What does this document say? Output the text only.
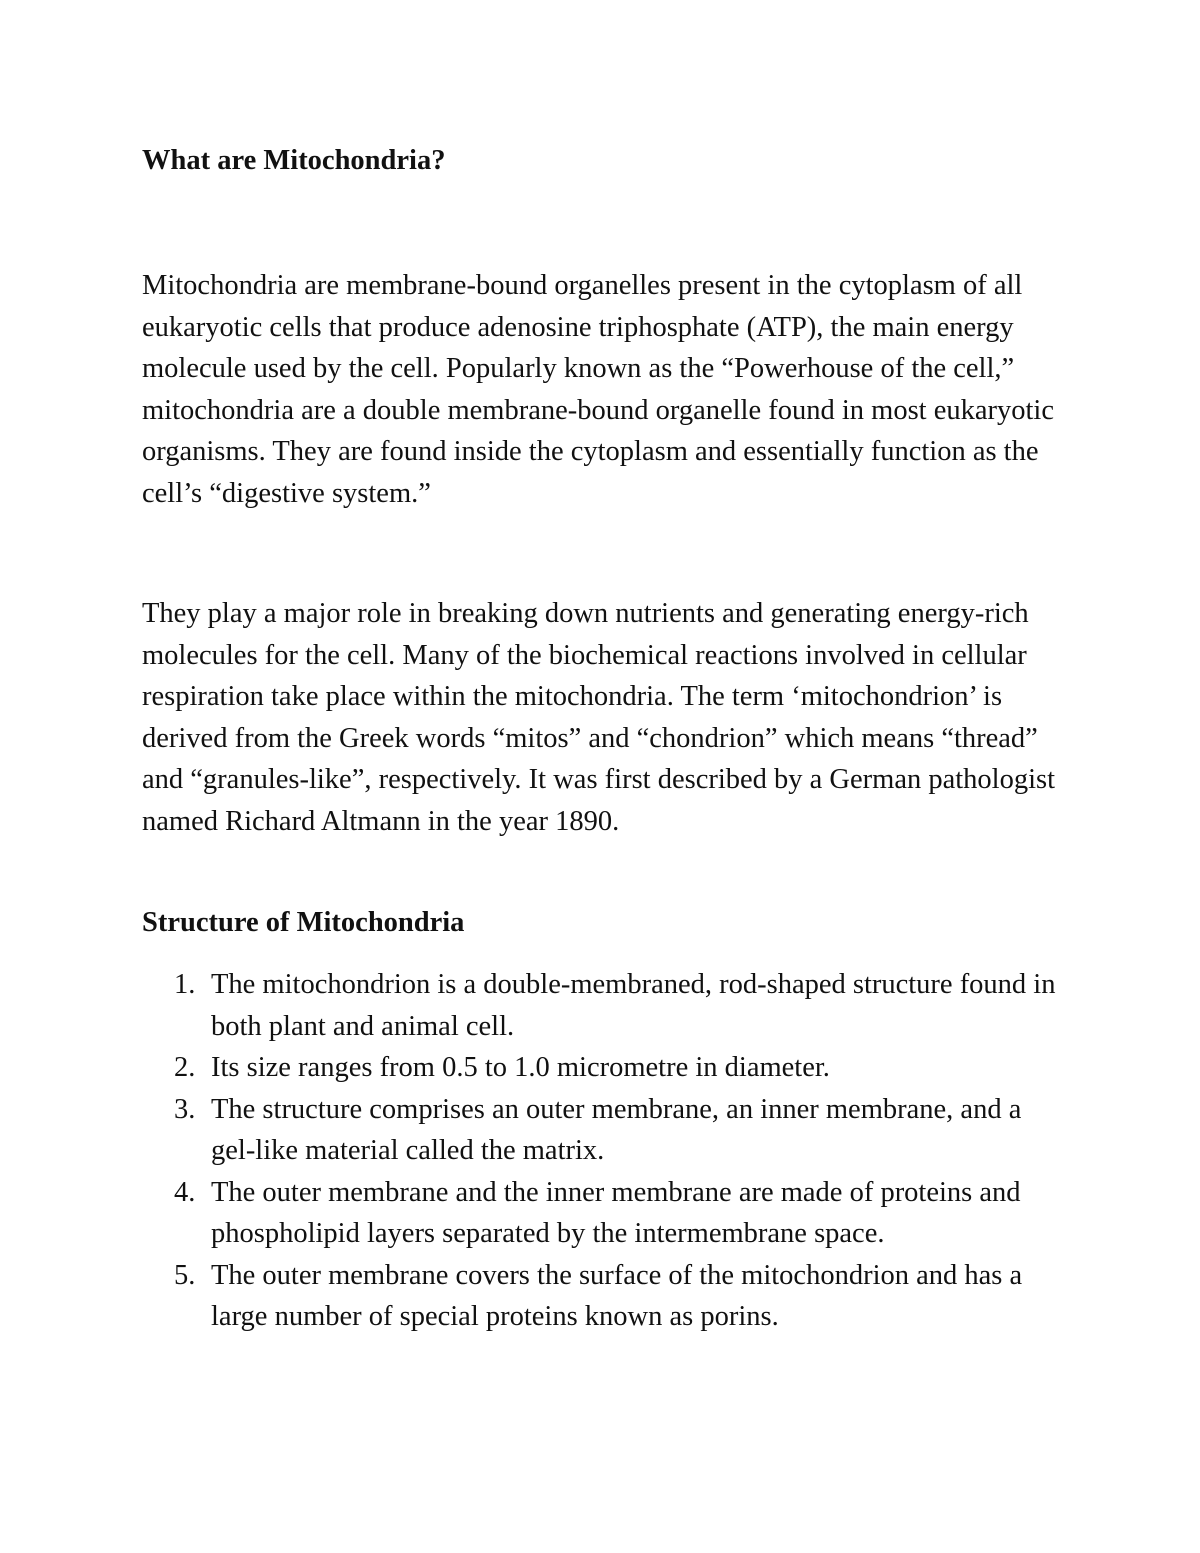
What are Mitochondria?

Mitochondria are membrane-bound organelles present in the cytoplasm of all eukaryotic cells that produce adenosine triphosphate (ATP), the main energy molecule used by the cell. Popularly known as the “Powerhouse of the cell,” mitochondria are a double membrane-bound organelle found in most eukaryotic organisms. They are found inside the cytoplasm and essentially function as the cell’s “digestive system.”

They play a major role in breaking down nutrients and generating energy-rich molecules for the cell. Many of the biochemical reactions involved in cellular respiration take place within the mitochondria. The term ‘mitochondrion’ is derived from the Greek words “mitos” and “chondrion” which means “thread” and “granules-like”, respectively. It was first described by a German pathologist named Richard Altmann in the year 1890.

Structure of Mitochondria

1. The mitochondrion is a double-membraned, rod-shaped structure found in both plant and animal cell.
2. Its size ranges from 0.5 to 1.0 micrometre in diameter.
3. The structure comprises an outer membrane, an inner membrane, and a gel-like material called the matrix.
4. The outer membrane and the inner membrane are made of proteins and phospholipid layers separated by the intermembrane space.
5. The outer membrane covers the surface of the mitochondrion and has a large number of special proteins known as porins.
